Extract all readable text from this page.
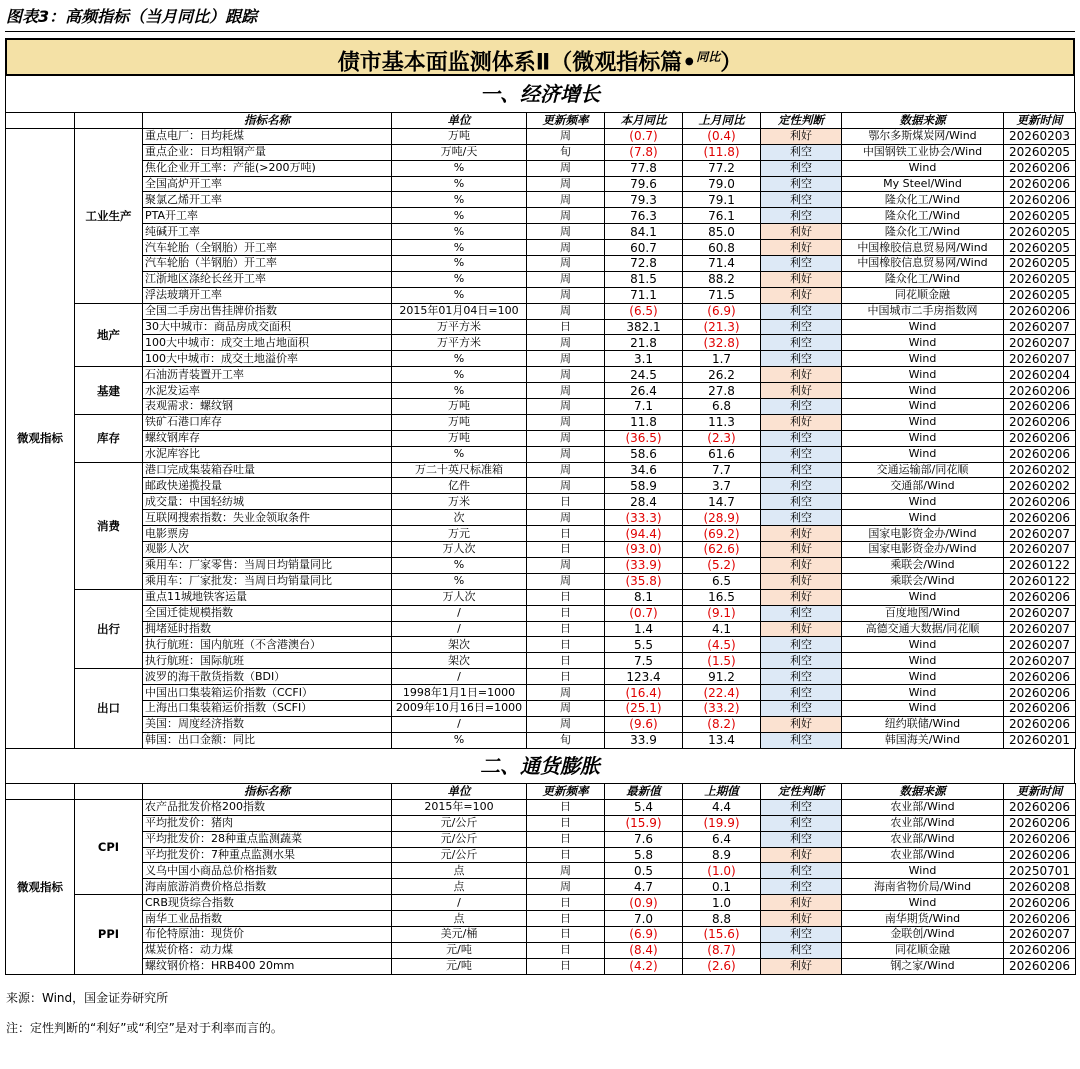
图表3：高频指标（当月同比）跟踪
债市基本面监测体系Ⅱ（微观指标篇•$^{同比}$）
一、经济增长
		指标名称	单位	更新频率	本月同比	上月同比	定性判断	数据来源	更新时间
微观指标	工业生产	重点电厂：日均耗煤	万吨	周	(0.7)	(0.4)	利好	鄂尔多斯煤炭网/Wind	20260203
		重点企业：日均粗钢产量	万吨/天	旬	(7.8)	(11.8)	利空	中国钢铁工业协会/Wind	20260205
		焦化企业开工率：产能(>200万吨)	%	周	77.8	77.2	利空	Wind	20260206
		全国高炉开工率	%	周	79.6	79.0	利空	My Steel/Wind	20260206
		聚氯乙烯开工率	%	周	79.3	79.1	利空	隆众化工/Wind	20260206
		PTA开工率	%	周	76.3	76.1	利空	隆众化工/Wind	20260205
		纯碱开工率	%	周	84.1	85.0	利好	隆众化工/Wind	20260205
		汽车轮胎（全钢胎）开工率	%	周	60.7	60.8	利好	中国橡胶信息贸易网/Wind	20260205
		汽车轮胎（半钢胎）开工率	%	周	72.8	71.4	利空	中国橡胶信息贸易网/Wind	20260205
		江浙地区涤纶长丝开工率	%	周	81.5	88.2	利好	隆众化工/Wind	20260205
		浮法玻璃开工率	%	周	71.1	71.5	利好	同花顺金融	20260205
	地产	全国二手房出售挂牌价指数	2015年01月04日=100	周	(6.5)	(6.9)	利空	中国城市二手房指数网	20260206
		30大中城市：商品房成交面积	万平方米	日	382.1	(21.3)	利空	Wind	20260207
		100大中城市：成交土地占地面积	万平方米	周	21.8	(32.8)	利空	Wind	20260207
		100大中城市：成交土地溢价率	%	周	3.1	1.7	利空	Wind	20260207
	基建	石油沥青装置开工率	%	周	24.5	26.2	利好	Wind	20260204
		水泥发运率	%	周	26.4	27.8	利好	Wind	20260206
		表观需求：螺纹钢	万吨	周	7.1	6.8	利空	Wind	20260206
	库存	铁矿石港口库存	万吨	周	11.8	11.3	利好	Wind	20260206
		螺纹钢库存	万吨	周	(36.5)	(2.3)	利空	Wind	20260206
		水泥库容比	%	周	58.6	61.6	利空	Wind	20260206
	消费	港口完成集装箱吞吐量	万二十英尺标准箱	周	34.6	7.7	利空	交通运输部/同花顺	20260202
		邮政快递揽投量	亿件	周	58.9	3.7	利空	交通部/Wind	20260202
		成交量：中国轻纺城	万米	日	28.4	14.7	利空	Wind	20260206
		互联网搜索指数：失业金领取条件	次	周	(33.3)	(28.9)	利空	Wind	20260206
		电影票房	万元	日	(94.4)	(69.2)	利好	国家电影资金办/Wind	20260207
		观影人次	万人次	日	(93.0)	(62.6)	利好	国家电影资金办/Wind	20260207
		乘用车：厂家零售：当周日均销量同比	%	周	(33.9)	(5.2)	利好	乘联会/Wind	20260122
		乘用车：厂家批发：当周日均销量同比	%	周	(35.8)	6.5	利好	乘联会/Wind	20260122
	出行	重点11城地铁客运量	万人次	日	8.1	16.5	利好	Wind	20260206
		全国迁徙规模指数	/	日	(0.7)	(9.1)	利空	百度地图/Wind	20260207
		拥堵延时指数	/	日	1.4	4.1	利好	高德交通大数据/同花顺	20260207
		执行航班：国内航班（不含港澳台）	架次	日	5.5	(4.5)	利空	Wind	20260207
		执行航班：国际航班	架次	日	7.5	(1.5)	利空	Wind	20260207
	出口	波罗的海干散货指数（BDI）	/	日	123.4	91.2	利空	Wind	20260206
		中国出口集装箱运价指数（CCFI）	1998年1月1日=1000	周	(16.4)	(22.4)	利空	Wind	20260206
		上海出口集装箱运价指数（SCFI）	2009年10月16日=1000	周	(25.1)	(33.2)	利空	Wind	20260206
		美国：周度经济指数	/	周	(9.6)	(8.2)	利好	纽约联储/Wind	20260206
		韩国：出口金额：同比	%	旬	33.9	13.4	利空	韩国海关/Wind	20260201
二、通货膨胀
		指标名称	单位	更新频率	最新值	上期值	定性判断	数据来源	更新时间
微观指标	CPI	农产品批发价格200指数	2015年=100	日	5.4	4.4	利空	农业部/Wind	20260206
		平均批发价：猪肉	元/公斤	日	(15.9)	(19.9)	利空	农业部/Wind	20260206
		平均批发价：28种重点监测蔬菜	元/公斤	日	7.6	6.4	利空	农业部/Wind	20260206
		平均批发价：7种重点监测水果	元/公斤	日	5.8	8.9	利好	农业部/Wind	20260206
		义乌中国小商品总价格指数	点	周	0.5	(1.0)	利空	Wind	20250701
		海南旅游消费价格总指数	点	周	4.7	0.1	利空	海南省物价局/Wind	20260208
	PPI	CRB现货综合指数	/	日	(0.9)	1.0	利好	Wind	20260206
		南华工业品指数	点	日	7.0	8.8	利好	南华期货/Wind	20260206
		布伦特原油：现货价	美元/桶	日	(6.9)	(15.6)	利空	金联创/Wind	20260207
		煤炭价格：动力煤	元/吨	日	(8.4)	(8.7)	利空	同花顺金融	20260206
		螺纹钢价格：HRB400 20mm	元/吨	日	(4.2)	(2.6)	利好	钢之家/Wind	20260206
来源：Wind，国金证券研究所
注：定性判断的“利好”或“利空”是对于利率而言的。
